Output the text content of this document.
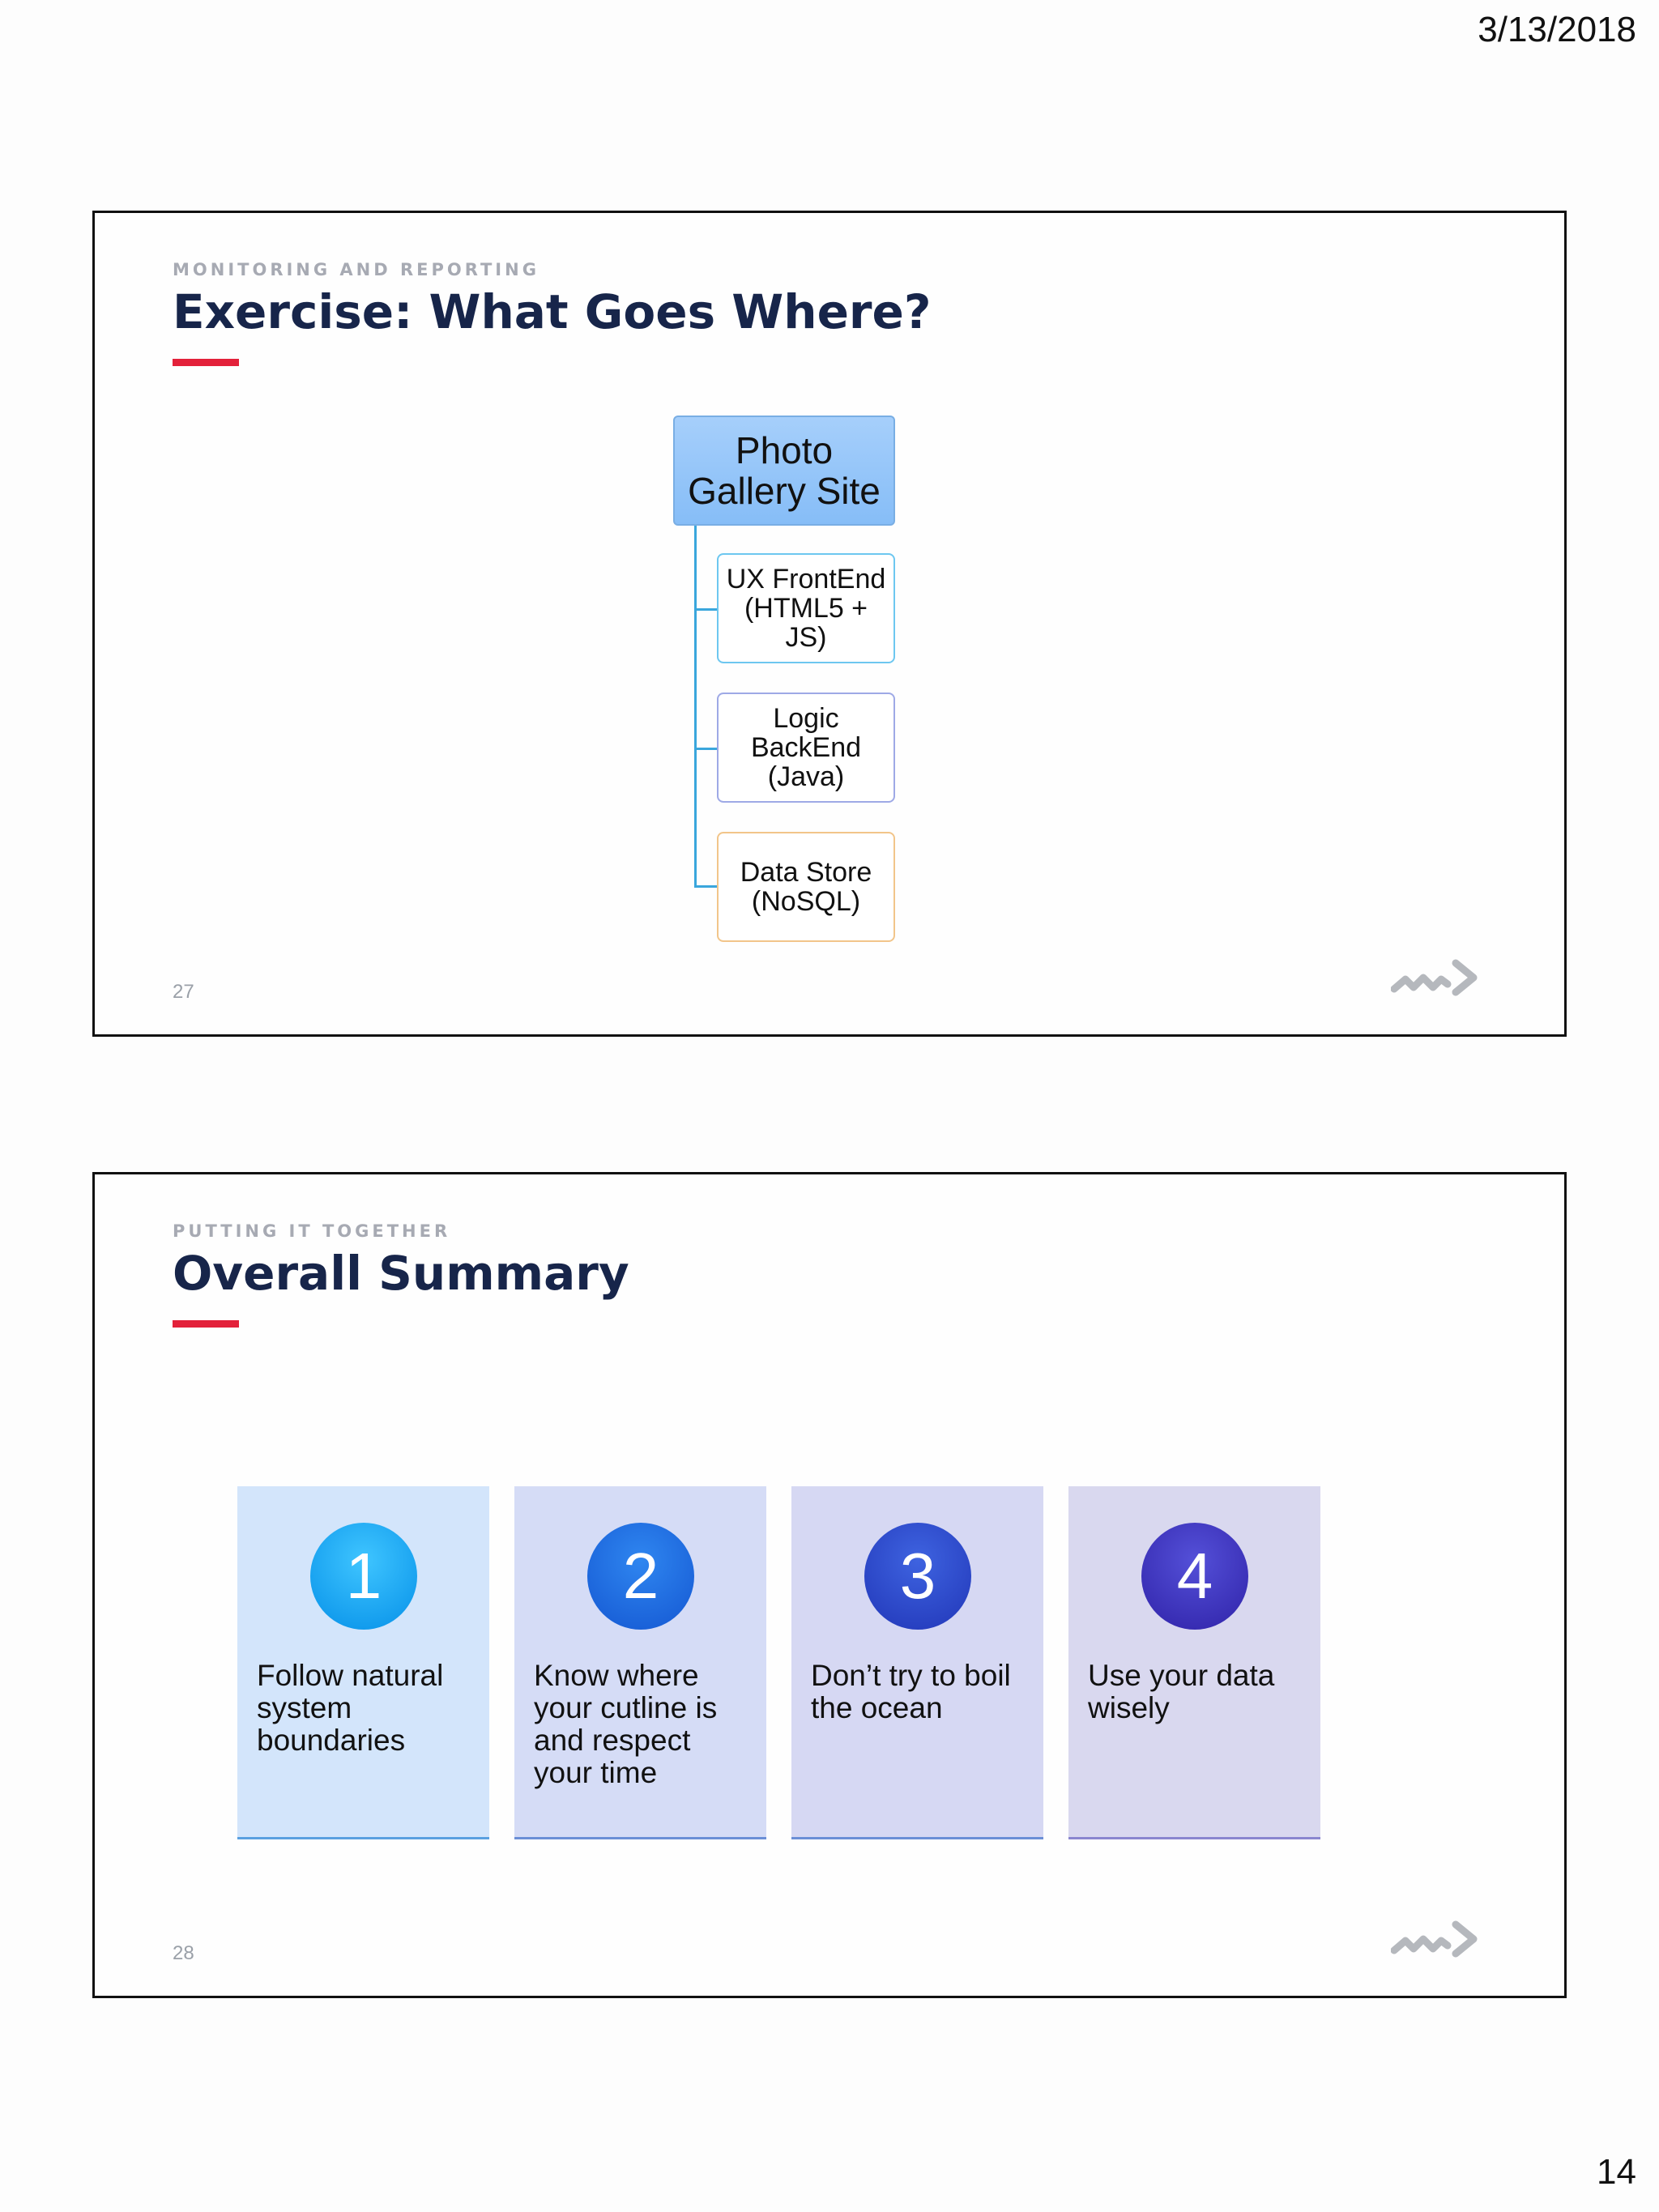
3/13/2018
MONITORING AND REPORTING
Exercise: What Goes Where?
Photo
Gallery Site
UX FrontEnd
(HTML5 +
JS)
Logic
BackEnd
(Java)
Data Store
(NoSQL)
27
PUTTING IT TOGETHER
Overall Summary
1
Follow natural system boundaries
2
Know where your cutline is and respect your time
3
Don’t try to boil the ocean
4
Use your data wisely
28
14
